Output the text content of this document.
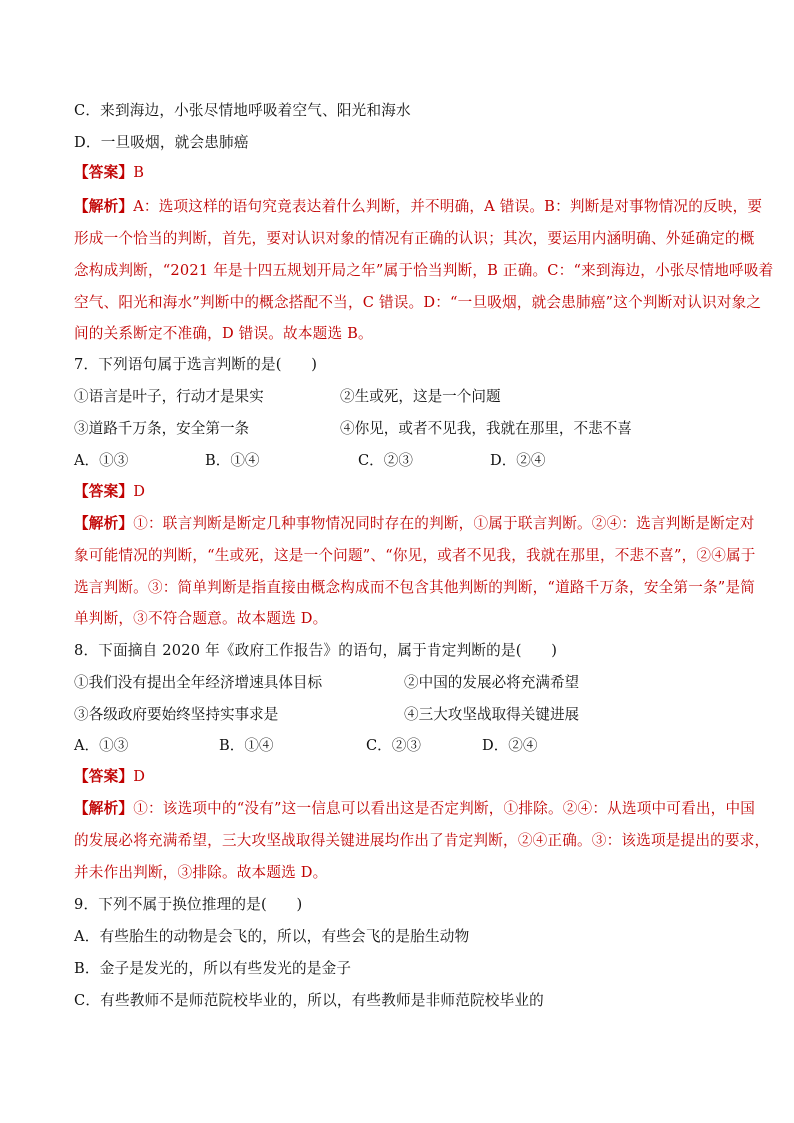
C．来到海边，小张尽情地呼吸着空气、阳光和海水
D．一旦吸烟，就会患肺癌
【答案】B
【解析】A：选项这样的语句究竟表达着什么判断，并不明确，A 错误。B：判断是对事物情况的反映，要
形成一个恰当的判断，首先，要对认识对象的情况有正确的认识；其次，要运用内涵明确、外延确定的概
念构成判断，“2021 年是十四五规划开局之年”属于恰当判断，B 正确。C：“来到海边，小张尽情地呼吸着
空气、阳光和海水”判断中的概念搭配不当，C 错误。D：“一旦吸烟，就会患肺癌”这个判断对认识对象之
间的关系断定不准确，D 错误。故本题选 B。
7．下列语句属于选言判断的是(　　)
①语言是叶子，行动才是果实	②生或死，这是一个问题
③道路千万条，安全第一条	④你见，或者不见我，我就在那里，不悲不喜
A．①③	B．①④	C．②③	D．②④
【答案】D
【解析】①：联言判断是断定几种事物情况同时存在的判断，①属于联言判断。②④：选言判断是断定对
象可能情况的判断，“生或死，这是一个问题”、“你见，或者不见我，我就在那里，不悲不喜”，②④属于
选言判断。③：简单判断是指直接由概念构成而不包含其他判断的判断，“道路千万条，安全第一条”是简
单判断，③不符合题意。故本题选 D。
8．下面摘自 2020 年《政府工作报告》的语句，属于肯定判断的是(　　)
①我们没有提出全年经济增速具体目标	②中国的发展必将充满希望
③各级政府要始终坚持实事求是	④三大攻坚战取得关键进展
A．①③	B．①④	C．②③	D．②④
【答案】D
【解析】①：该选项中的“没有”这一信息可以看出这是否定判断，①排除。②④：从选项中可看出，中国
的发展必将充满希望，三大攻坚战取得关键进展均作出了肯定判断，②④正确。③：该选项是提出的要求，
并未作出判断，③排除。故本题选 D。
9．下列不属于换位推理的是(　　)
A．有些胎生的动物是会飞的，所以，有些会飞的是胎生动物
B．金子是发光的，所以有些发光的是金子
C．有些教师不是师范院校毕业的，所以，有些教师是非师范院校毕业的
